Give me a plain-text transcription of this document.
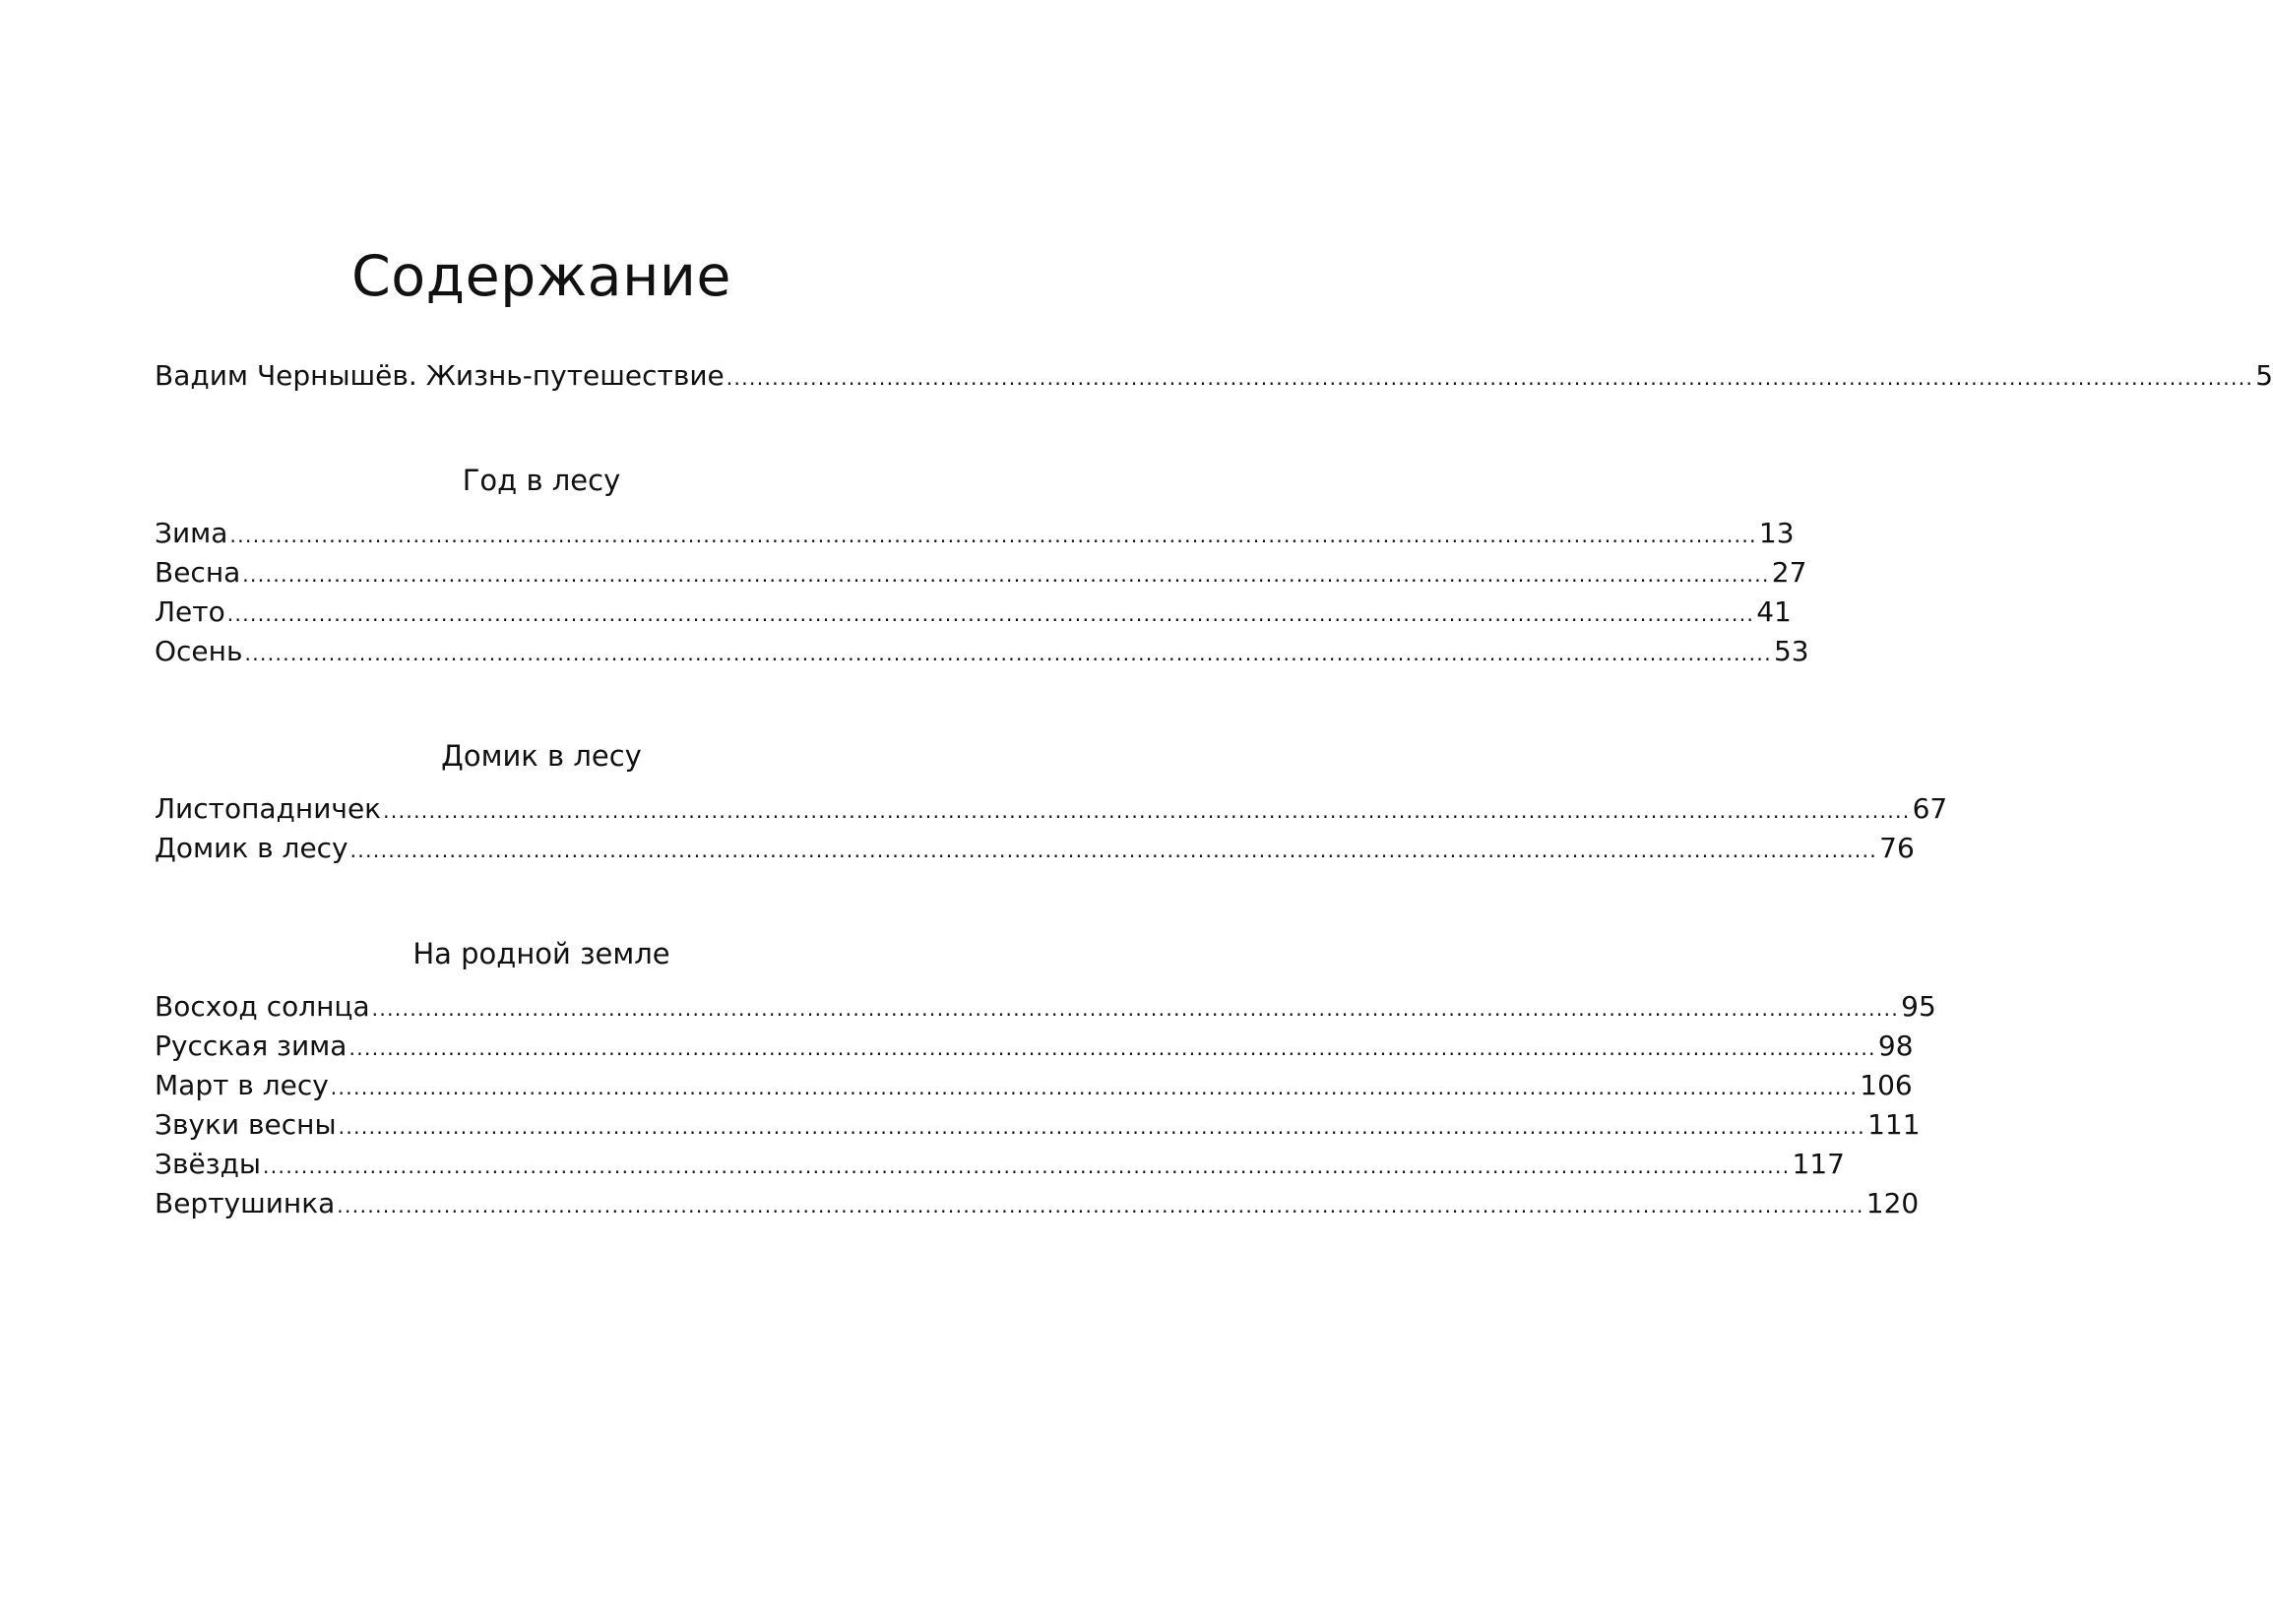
Содержание
Вадим Чернышёв. Жизнь-путешествие ........................................................................................................................................................................................................ 5
Год в лесу
Зима ........................................................................................................................................................................................................ 13
Весна ........................................................................................................................................................................................................ 27
Лето ........................................................................................................................................................................................................ 41
Осень ........................................................................................................................................................................................................ 53
Домик в лесу
Листопадничек ........................................................................................................................................................................................................ 67
Домик в лесу ........................................................................................................................................................................................................ 76
На родной земле
Восход солнца ........................................................................................................................................................................................................ 95
Русская зима ........................................................................................................................................................................................................ 98
Март в лесу ........................................................................................................................................................................................................ 106
Звуки весны ........................................................................................................................................................................................................ 111
Звёзды ........................................................................................................................................................................................................ 117
Вертушинка ........................................................................................................................................................................................................ 120
